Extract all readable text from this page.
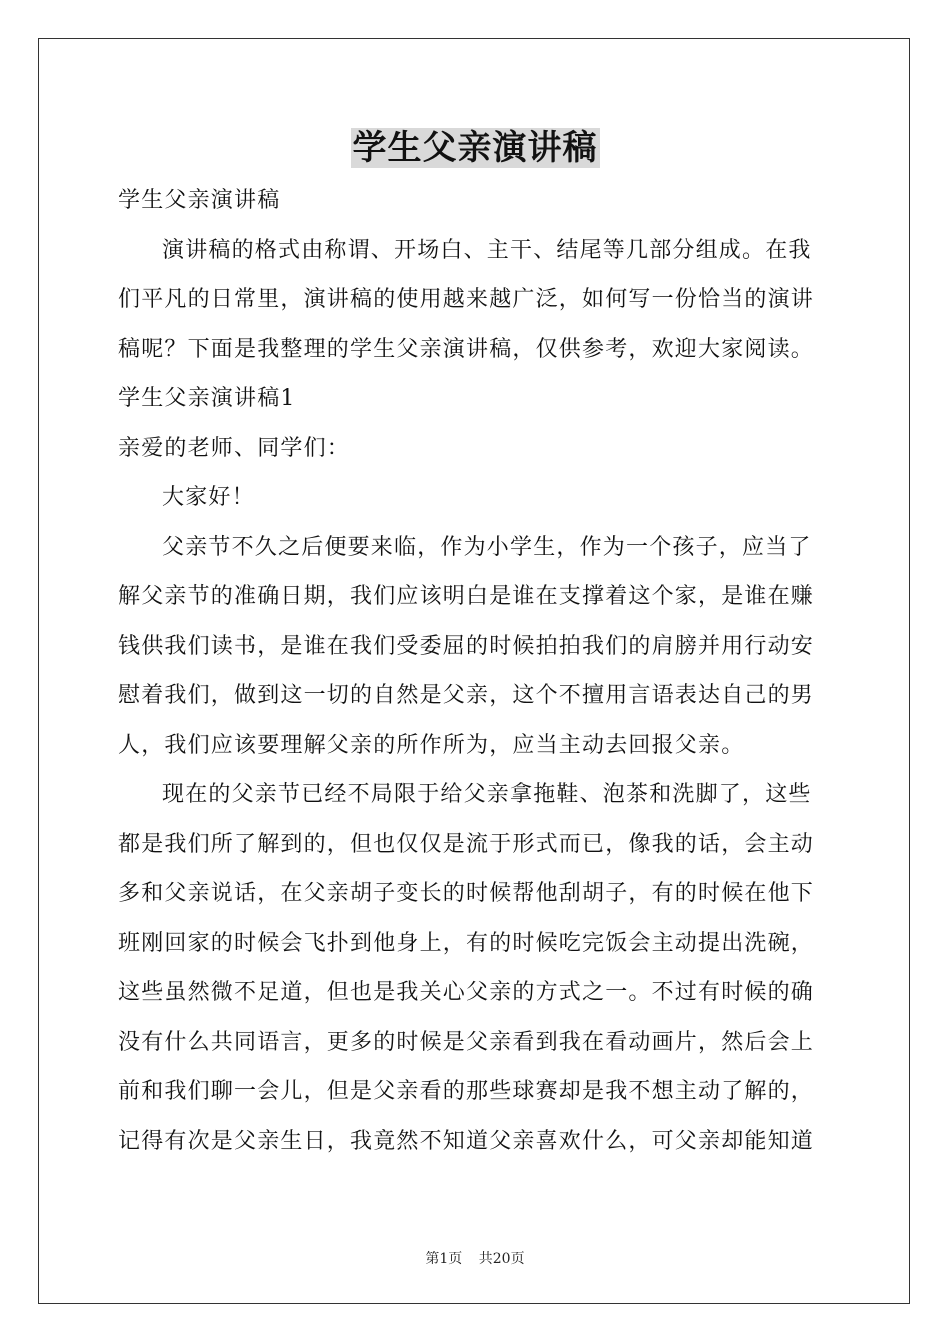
学生父亲演讲稿
学生父亲演讲稿
演讲稿的格式由称谓、开场白、主干、结尾等几部分组成。在我
们平凡的日常里，演讲稿的使用越来越广泛，如何写一份恰当的演讲
稿呢？下面是我整理的学生父亲演讲稿，仅供参考，欢迎大家阅读。
学生父亲演讲稿1
亲爱的老师、同学们：
大家好！
父亲节不久之后便要来临，作为小学生，作为一个孩子，应当了
解父亲节的准确日期，我们应该明白是谁在支撑着这个家，是谁在赚
钱供我们读书，是谁在我们受委屈的时候拍拍我们的肩膀并用行动安
慰着我们，做到这一切的自然是父亲，这个不擅用言语表达自己的男
人，我们应该要理解父亲的所作所为，应当主动去回报父亲。
现在的父亲节已经不局限于给父亲拿拖鞋、泡茶和洗脚了，这些
都是我们所了解到的，但也仅仅是流于形式而已，像我的话，会主动
多和父亲说话，在父亲胡子变长的时候帮他刮胡子，有的时候在他下
班刚回家的时候会飞扑到他身上，有的时候吃完饭会主动提出洗碗，
这些虽然微不足道，但也是我关心父亲的方式之一。不过有时候的确
没有什么共同语言，更多的时候是父亲看到我在看动画片，然后会上
前和我们聊一会儿，但是父亲看的那些球赛却是我不想主动了解的，
记得有次是父亲生日，我竟然不知道父亲喜欢什么，可父亲却能知道
第1页 共20页
